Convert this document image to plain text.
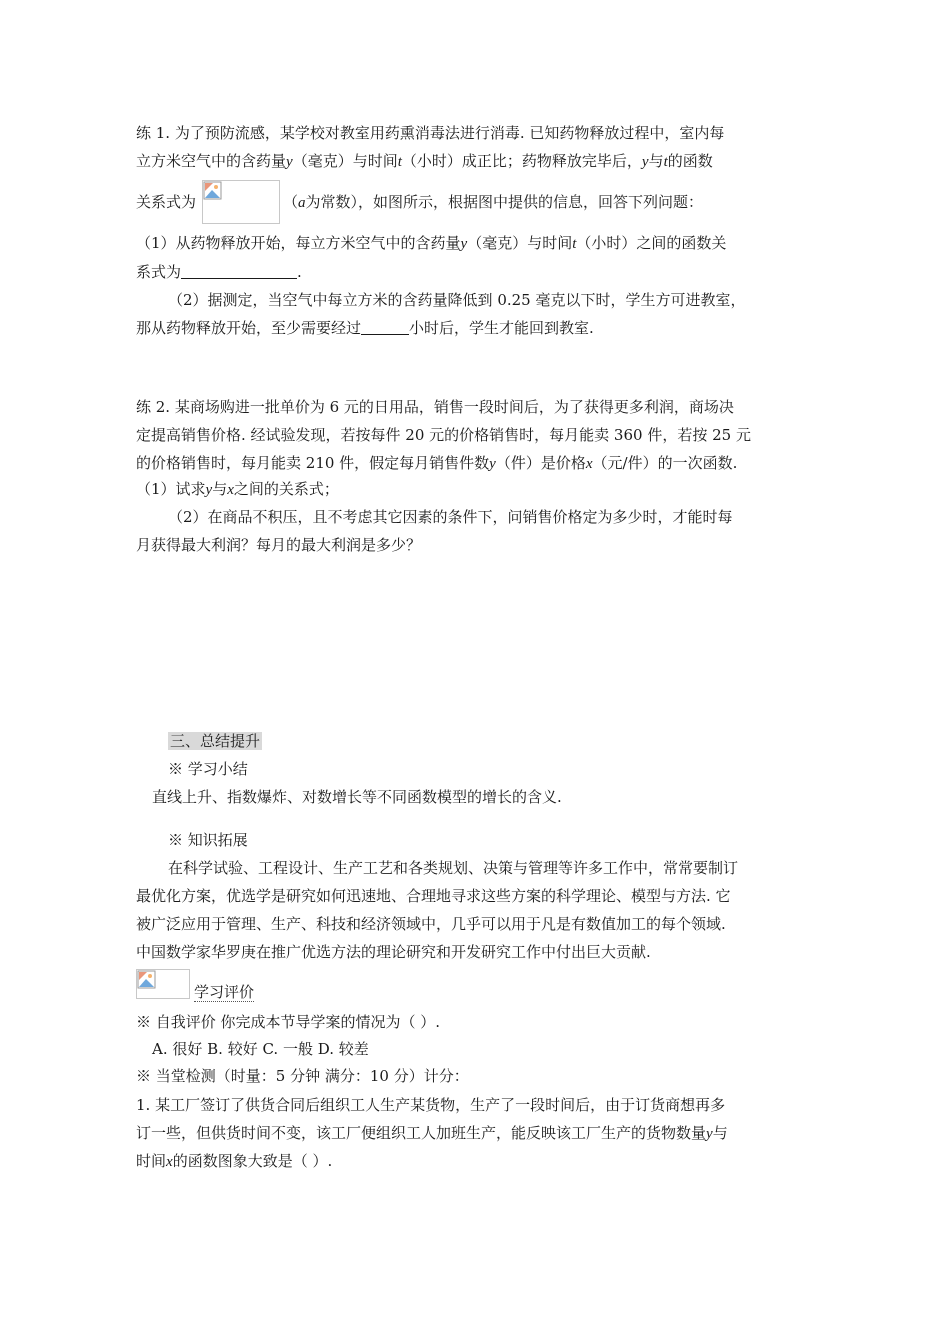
练 1. 为了预防流感，某学校对教室用药熏消毒法进行消毒. 已知药物释放过程中，室内每
立方米空气中的含药量y（毫克）与时间t（小时）成正比；药物释放完毕后，y与t的函数
关系式为	（a为常数），如图所示，根据图中提供的信息，回答下列问题：
（1）从药物释放开始，每立方米空气中的含药量y（毫克）与时间t（小时）之间的函数关
系式为	.
（2）据测定，当空气中每立方米的含药量降低到 0.25 毫克以下时，学生方可进教室，
那从药物释放开始，至少需要经过	小时后，学生才能回到教室.
练 2. 某商场购进一批单价为 6 元的日用品，销售一段时间后，为了获得更多利润，商场决
定提高销售价格. 经试验发现，若按每件 20 元的价格销售时，每月能卖 360 件，若按 25 元
的价格销售时，每月能卖 210 件，假定每月销售件数y（件）是价格x（元/件）的一次函数.
（1）试求y与x之间的关系式；
（2）在商品不积压，且不考虑其它因素的条件下，问销售价格定为多少时，才能时每
月获得最大利润？每月的最大利润是多少？
三、总结提升
※ 学习小结
直线上升、指数爆炸、对数增长等不同函数模型的增长的含义.
※ 知识拓展
在科学试验、工程设计、生产工艺和各类规划、决策与管理等许多工作中，常常要制订
最优化方案，优选学是研究如何迅速地、合理地寻求这些方案的科学理论、模型与方法. 它
被广泛应用于管理、生产、科技和经济领域中，几乎可以用于凡是有数值加工的每个领域.
中国数学家华罗庚在推广优选方法的理论研究和开发研究工作中付出巨大贡献.
学习评价
※ 自我评价 你完成本节导学案的情况为（ ）.
A. 很好 B. 较好 C. 一般 D. 较差
※ 当堂检测（时量：5 分钟 满分：10 分）计分：
1. 某工厂签订了供货合同后组织工人生产某货物，生产了一段时间后，由于订货商想再多
订一些，但供货时间不变，该工厂便组织工人加班生产，能反映该工厂生产的货物数量y与
时间x的函数图象大致是（ ）.
